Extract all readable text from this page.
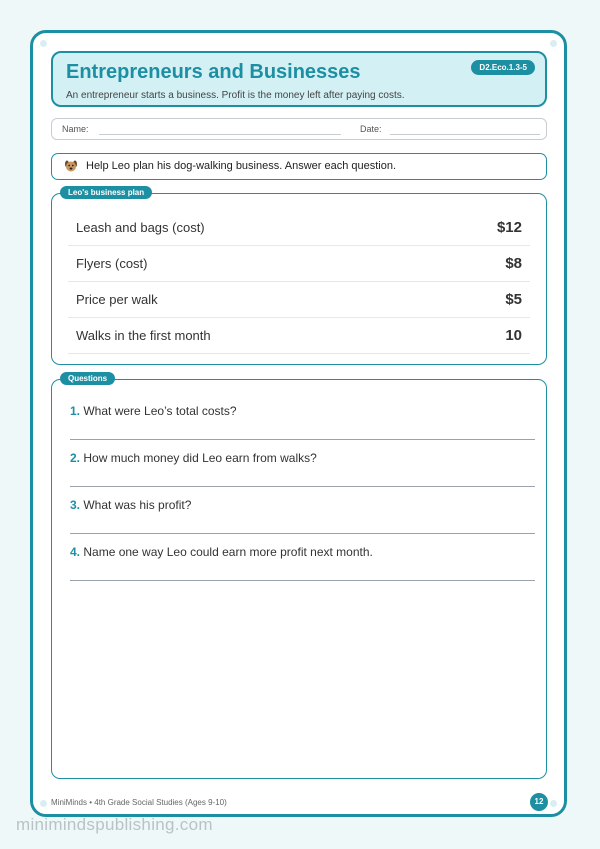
Entrepreneurs and Businesses
An entrepreneur starts a business. Profit is the money left after paying costs.
D2.Eco.1.3-5
Name:	Date:
Help Leo plan his dog-walking business. Answer each question.
Leo's business plan
Leash and bags (cost)	$12
Flyers (cost)	$8
Price per walk	$5
Walks in the first month	10
Questions
1. What were Leo’s total costs?
2. How much money did Leo earn from walks?
3. What was his profit?
4. Name one way Leo could earn more profit next month.
MiniMinds • 4th Grade Social Studies (Ages 9-10)	12
minimindspublishing.com
